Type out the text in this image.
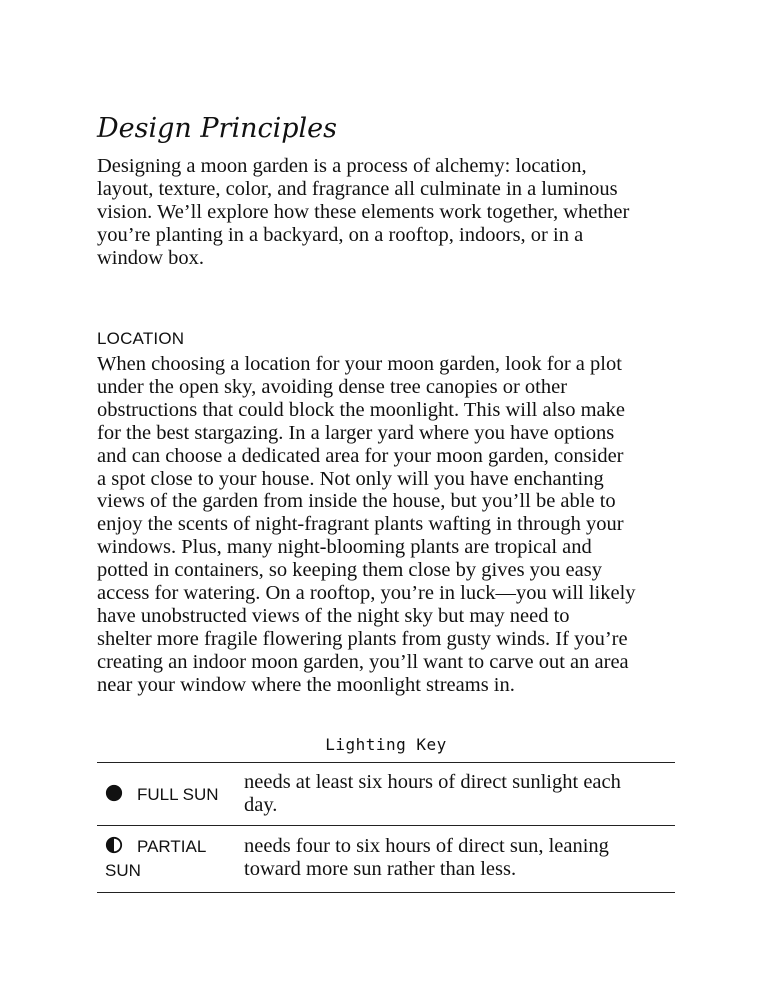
Design Principles

Designing a moon garden is a process of alchemy: location,
layout, texture, color, and fragrance all culminate in a luminous
vision. We’ll explore how these elements work together, whether
you’re planting in a backyard, on a rooftop, indoors, or in a
window box.

LOCATION

When choosing a location for your moon garden, look for a plot
under the open sky, avoiding dense tree canopies or other
obstructions that could block the moonlight. This will also make
for the best stargazing. In a larger yard where you have options
and can choose a dedicated area for your moon garden, consider
a spot close to your house. Not only will you have enchanting
views of the garden from inside the house, but you’ll be able to
enjoy the scents of night-fragrant plants wafting in through your
windows. Plus, many night-blooming plants are tropical and
potted in containers, so keeping them close by gives you easy
access for watering. On a rooftop, you’re in luck—you will likely
have unobstructed views of the night sky but may need to
shelter more fragile flowering plants from gusty winds. If you’re
creating an indoor moon garden, you’ll want to carve out an area
near your window where the moonlight streams in.

Lighting Key
FULL SUN
needs at least six hours of direct sunlight each
day.
PARTIAL SUN
needs four to six hours of direct sun, leaning
toward more sun rather than less.
